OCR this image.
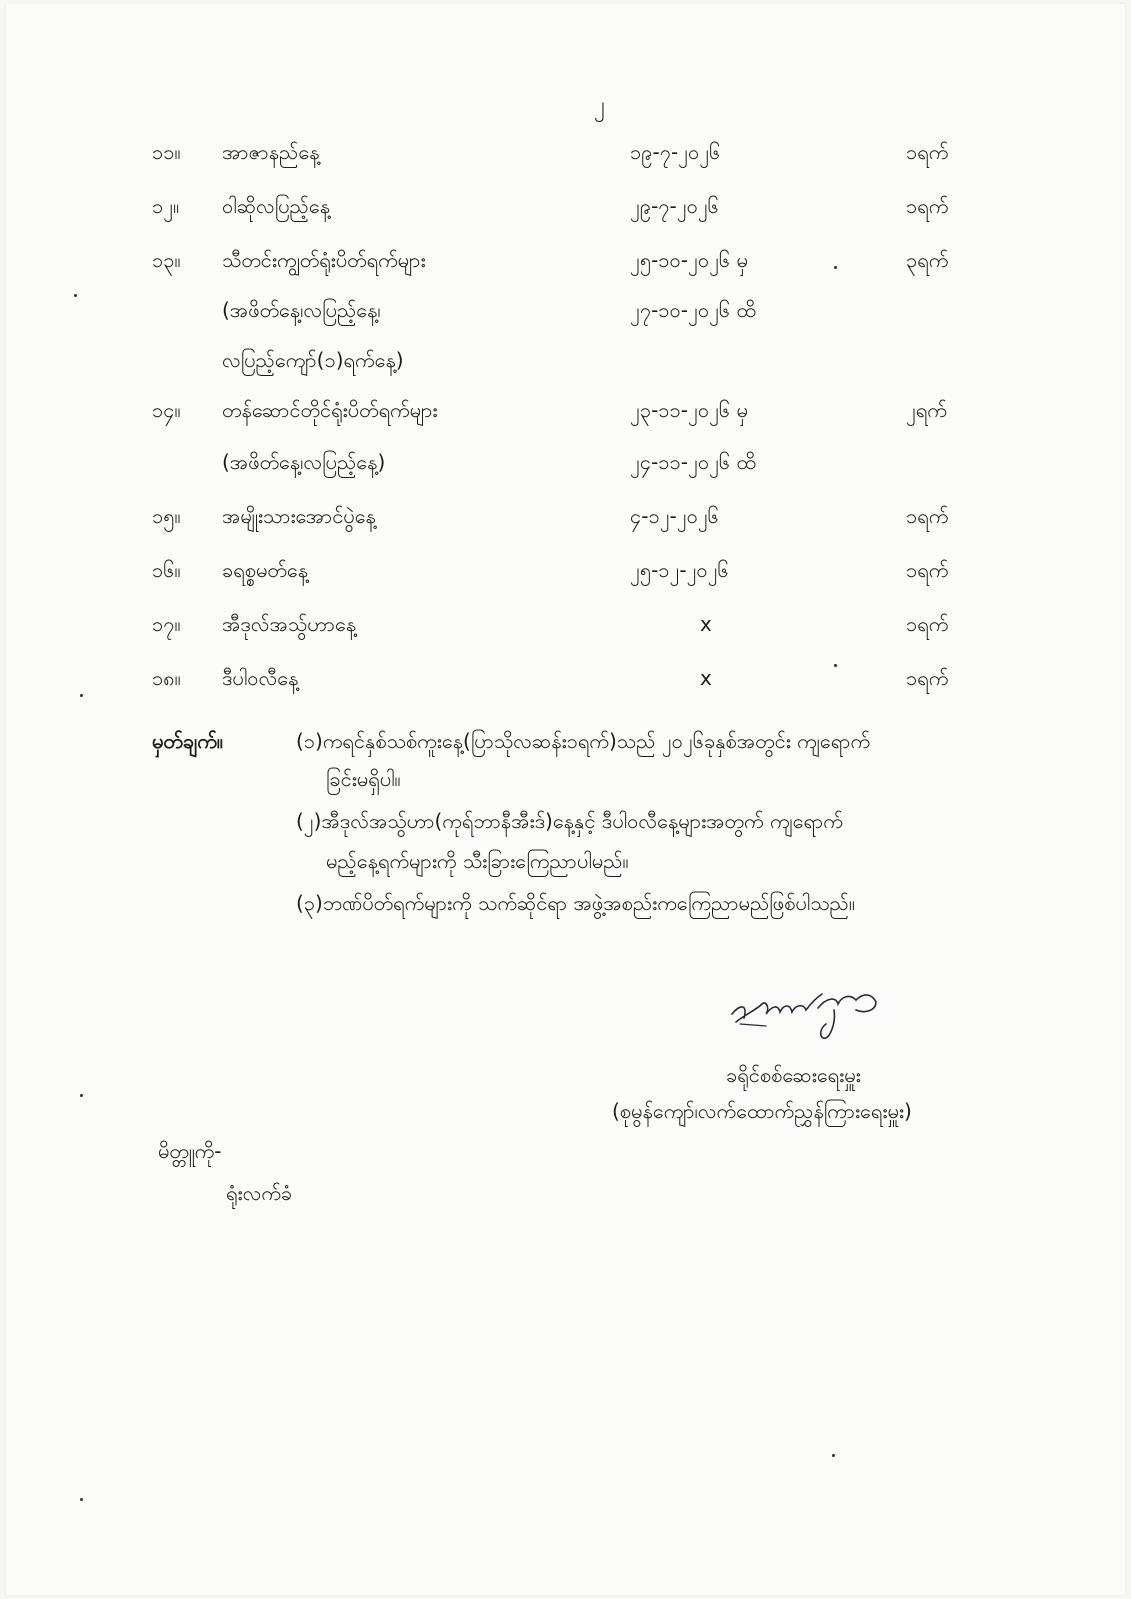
၂
၁၁။ အာဇာနည်နေ့	၁၉-၇-၂၀၂၆	၁ရက်
၁၂။ ဝါဆိုလပြည့်နေ့	၂၉-၇-၂၀၂၆	၁ရက်
၁၃။ သီတင်းကျွတ်ရုံးပိတ်ရက်များ	၂၅-၁၀-၂၀၂၆ မှ	၃ရက်
(အဖိတ်နေ့၊လပြည့်နေ့၊	၂၇-၁၀-၂၀၂၆ ထိ
လပြည့်ကျော်(၁)ရက်နေ့)
၁၄။ တန်ဆောင်တိုင်ရုံးပိတ်ရက်များ	၂၃-၁၁-၂၀၂၆ မှ	၂ရက်
(အဖိတ်နေ့၊လပြည့်နေ့)	၂၄-၁၁-၂၀၂၆ ထိ
၁၅။ အမျိုးသားအောင်ပွဲနေ့	၄-၁၂-၂၀၂၆	၁ရက်
၁၆။ ခရစ္စမတ်နေ့	၂၅-၁၂-၂၀၂၆	၁ရက်
၁၇။ အီဒုလ်အသွ်ဟာနေ့	x	၁ရက်
၁၈။ ဒီပါဝလီနေ့	x	၁ရက်
မှတ်ချက်။	(၁)ကရင်နှစ်သစ်ကူးနေ့(ပြာသိုလဆန်း၁ရက်)သည် ၂၀၂၆ခုနှစ်အတွင်း ကျရောက်
ခြင်းမရှိပါ။
(၂)အီဒုလ်အသွ်ဟာ(ကုရ်ဘာနီအီးဒ်)နေ့နှင့် ဒီပါဝလီနေ့များအတွက် ကျရောက်
မည့်နေ့ရက်များကို သီးခြားကြေညာပါမည်။
(၃)ဘဏ်ပိတ်ရက်များကို သက်ဆိုင်ရာ အဖွဲ့အစည်းကကြေညာမည်ဖြစ်ပါသည်။
ခရိုင်စစ်ဆေးရေးမှူး
(စုမွန်ကျော်၊လက်ထောက်ညွှန်ကြားရေးမှူး)
မိတ္တူကို-
ရုံးလက်ခံ
